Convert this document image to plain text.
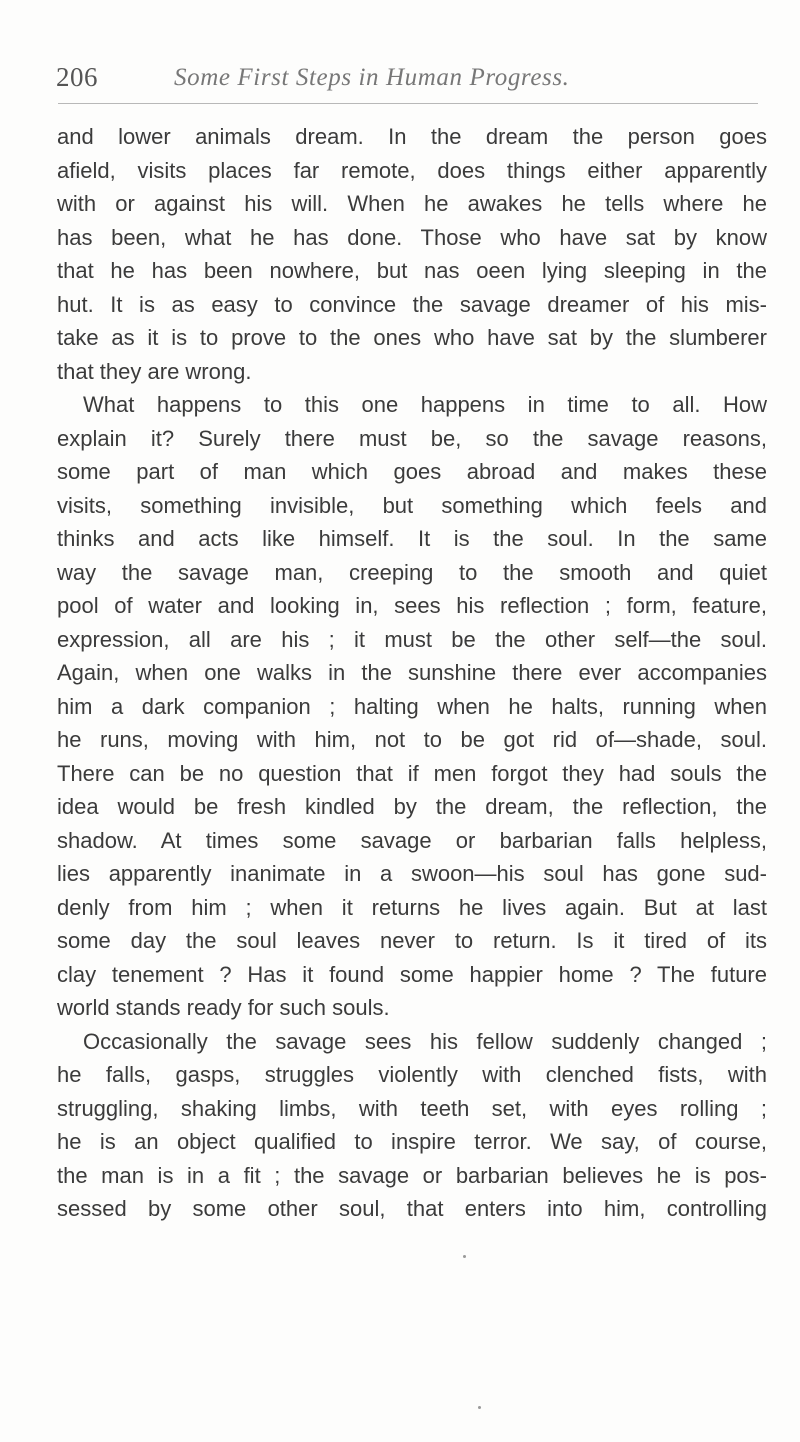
206	Some First Steps in Human Progress.
and lower animals dream. In the dream the person goes
afield, visits places far remote, does things either apparently
with or against his will. When he awakes he tells where he
has been, what he has done. Those who have sat by know
that he has been nowhere, but nas oeen lying sleeping in the
hut. It is as easy to convince the savage dreamer of his mis-
take as it is to prove to the ones who have sat by the slumberer
that they are wrong.
What happens to this one happens in time to all. How
explain it? Surely there must be, so the savage reasons,
some part of man which goes abroad and makes these
visits, something invisible, but something which feels and
thinks and acts like himself. It is the soul. In the same
way the savage man, creeping to the smooth and quiet
pool of water and looking in, sees his reflection ; form, feature,
expression, all are his ; it must be the other self—the soul.
Again, when one walks in the sunshine there ever accompanies
him a dark companion ; halting when he halts, running when
he runs, moving with him, not to be got rid of—shade, soul.
There can be no question that if men forgot they had souls the
idea would be fresh kindled by the dream, the reflection, the
shadow. At times some savage or barbarian falls helpless,
lies apparently inanimate in a swoon—his soul has gone sud-
denly from him ; when it returns he lives again. But at last
some day the soul leaves never to return. Is it tired of its
clay tenement ? Has it found some happier home ? The future
world stands ready for such souls.
Occasionally the savage sees his fellow suddenly changed ;
he falls, gasps, struggles violently with clenched fists, with
struggling, shaking limbs, with teeth set, with eyes rolling ;
he is an object qualified to inspire terror. We say, of course,
the man is in a fit ; the savage or barbarian believes he is pos-
sessed by some other soul, that enters into him, controlling
